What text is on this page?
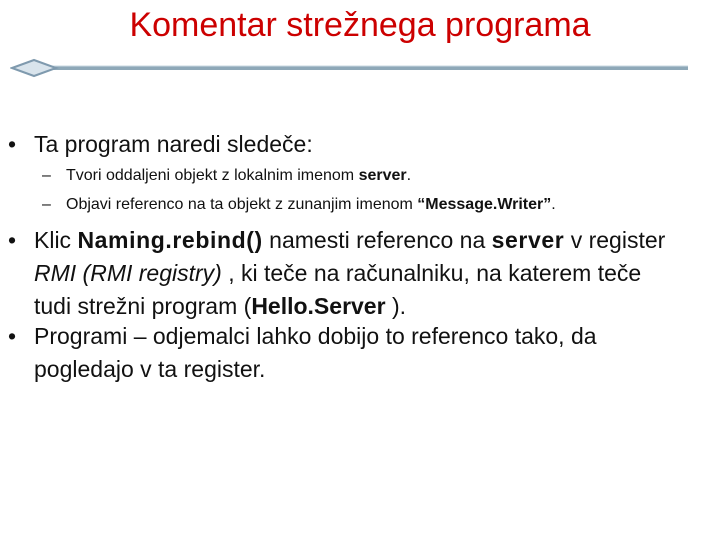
Komentar strežnega programa
• Ta program naredi sledeče:
– Tvori oddaljeni objekt z lokalnim imenom server.
– Objavi referenco na ta objekt z zunanjim imenom “Message.Writer”.
• Klic Naming.rebind() namesti referenco na server v register RMI (RMI registry) , ki teče na računalniku, na katerem teče tudi strežni program (Hello.Server ).
• Programi – odjemalci lahko dobijo to referenco tako, da pogledajo v ta register.
